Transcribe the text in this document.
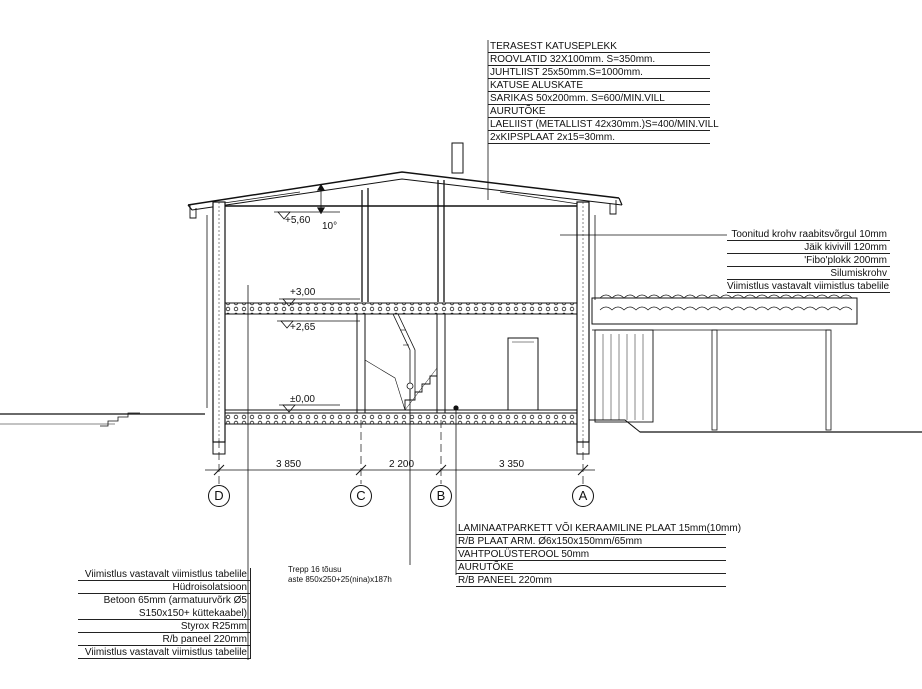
TERASEST KATUSEPLEKK
ROOVLATID 32X100mm. S=350mm.
JUHTLIIST 25x50mm.S=1000mm.
KATUSE ALUSKATE
SARIKAS 50x200mm. S=600/MIN.VILL
AURUTÕKE
LAELIIST (METALLIST 42x30mm.)S=400/MIN.VILL
2xKIPSPLAAT 2x15=30mm.
Toonitud krohv raabitsvõrgul 10mm
Jäik kivivill 120mm
'Fibo'plokk 200mm
Silumiskrohv
Viimistlus vastavalt viimistlus tabelile
LAMINAATPARKETT VÕI KERAAMILINE PLAAT 15mm(10mm)
R/B PLAAT ARM. Ø6x150x150mm/65mm
VAHTPOLÜSTEROOL 50mm
AURUTÕKE
R/B PANEEL 220mm
Viimistlus vastavalt viimistlus tabelile
Hüdroisolatsioon
Betoon 65mm (armatuurvõrk Ø5
S150x150+ küttekaabel)
Styrox R25mm
R/b paneel 220mm
Viimistlus vastavalt viimistlus tabelile
+5,60
+3,00
+2,65
±0,00
10°
3 850	2 200	3 350
D	C	B	A
Trepp 16 tõusu
aste 850x250+25(nina)x187h
